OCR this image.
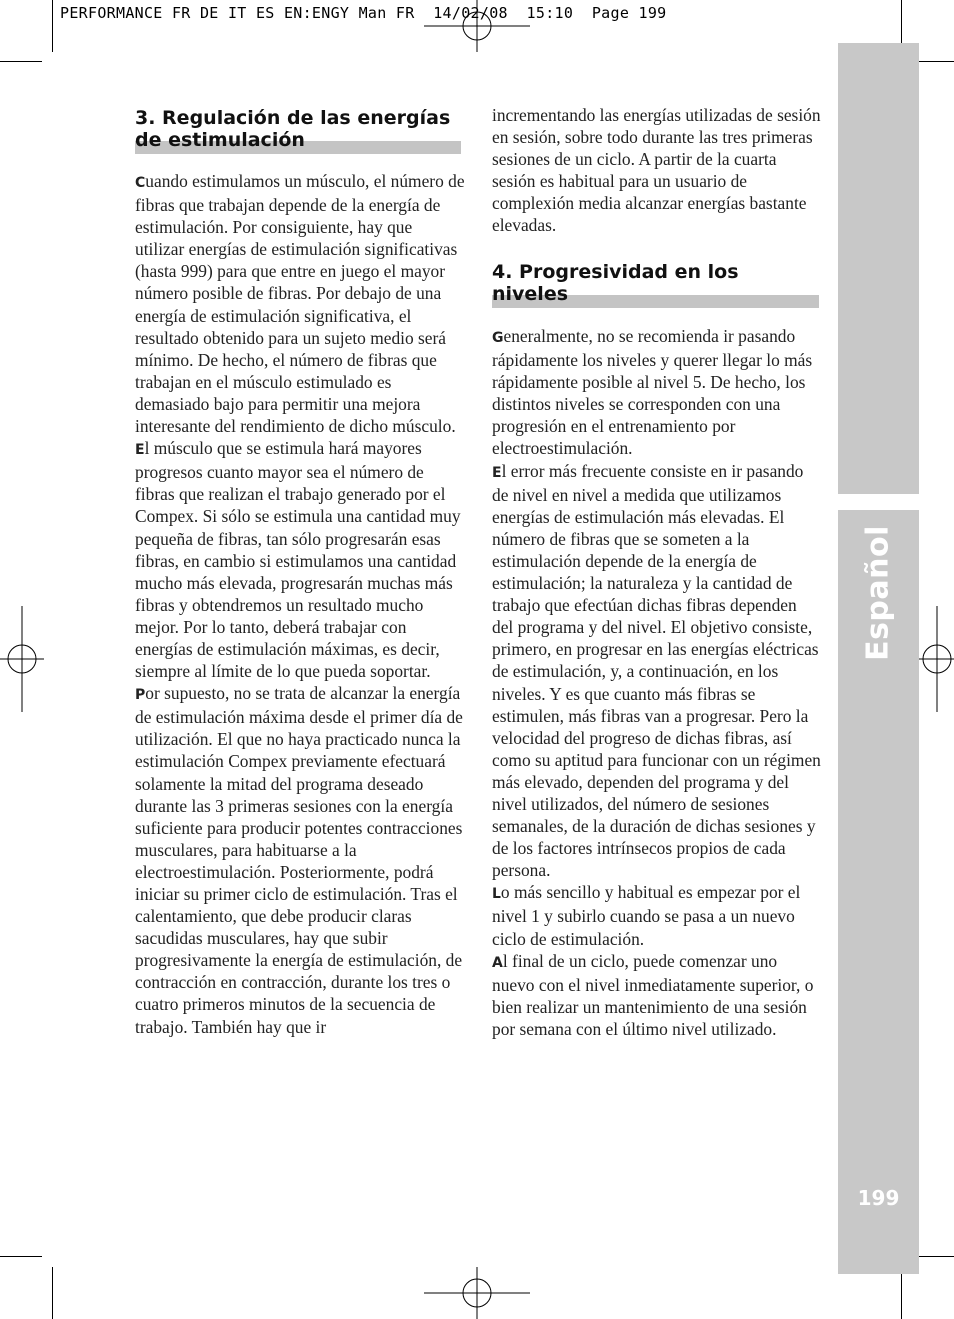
PERFORMANCE FR DE IT ES EN:ENGY Man FR  14/02/08  15:10  Page 199
Español
199
3. Regulación de las energías de estimulación

Cuando estimulamos un músculo, el número de fibras que trabajan depende de la energía de estimulación. Por consiguiente, hay que utilizar energías de estimulación significativas (hasta 999) para que entre en juego el mayor número posible de fibras. Por debajo de una energía de estimulación significativa, el resultado obtenido para un sujeto medio será mínimo. De hecho, el número de fibras que trabajan en el músculo estimulado es demasiado bajo para permitir una mejora interesante del rendimiento de dicho músculo.

El músculo que se estimula hará mayores progresos cuanto mayor sea el número de fibras que realizan el trabajo generado por el Compex. Si sólo se estimula una cantidad muy pequeña de fibras, tan sólo progresarán esas fibras, en cambio si estimulamos una cantidad mucho más elevada, progresarán muchas más fibras y obtendremos un resultado mucho mejor. Por lo tanto, deberá trabajar con energías de estimulación máximas, es decir, siempre al límite de lo que pueda soportar.

Por supuesto, no se trata de alcanzar la energía de estimulación máxima desde el primer día de utilización. El que no haya practicado nunca la estimulación Compex previamente efectuará solamente la mitad del programa deseado durante las 3 primeras sesiones con la energía suficiente para producir potentes contracciones musculares, para habituarse a la electroestimulación. Posteriormente, podrá iniciar su primer ciclo de estimulación. Tras el calentamiento, que debe producir claras sacudidas musculares, hay que subir progresivamente la energía de estimulación, de contracción en contracción, durante los tres o cuatro primeros minutos de la secuencia de trabajo. También hay que ir

incrementando las energías utilizadas de sesión en sesión, sobre todo durante las tres primeras sesiones de un ciclo. A partir de la cuarta sesión es habitual para un usuario de complexión media alcanzar energías bastante elevadas.

4. Progresividad en los niveles

Generalmente, no se recomienda ir pasando rápidamente los niveles y querer llegar lo más rápidamente posible al nivel 5. De hecho, los distintos niveles se corresponden con una progresión en el entrenamiento por electroestimulación.

El error más frecuente consiste en ir pasando de nivel en nivel a medida que utilizamos energías de estimulación más elevadas. El número de fibras que se someten a la estimulación depende de la energía de estimulación; la naturaleza y la cantidad de trabajo que efectúan dichas fibras dependen del programa y del nivel. El objetivo consiste, primero, en progresar en las energías eléctricas de estimulación, y, a continuación, en los niveles. Y es que cuanto más fibras se estimulen, más fibras van a progresar. Pero la velocidad del progreso de dichas fibras, así como su aptitud para funcionar con un régimen más elevado, dependen del programa y del nivel utilizados, del número de sesiones semanales, de la duración de dichas sesiones y de los factores intrínsecos propios de cada persona.

Lo más sencillo y habitual es empezar por el nivel 1 y subirlo cuando se pasa a un nuevo ciclo de estimulación.

Al final de un ciclo, puede comenzar uno nuevo con el nivel inmediatamente superior, o bien realizar un mantenimiento de una sesión por semana con el último nivel utilizado.
